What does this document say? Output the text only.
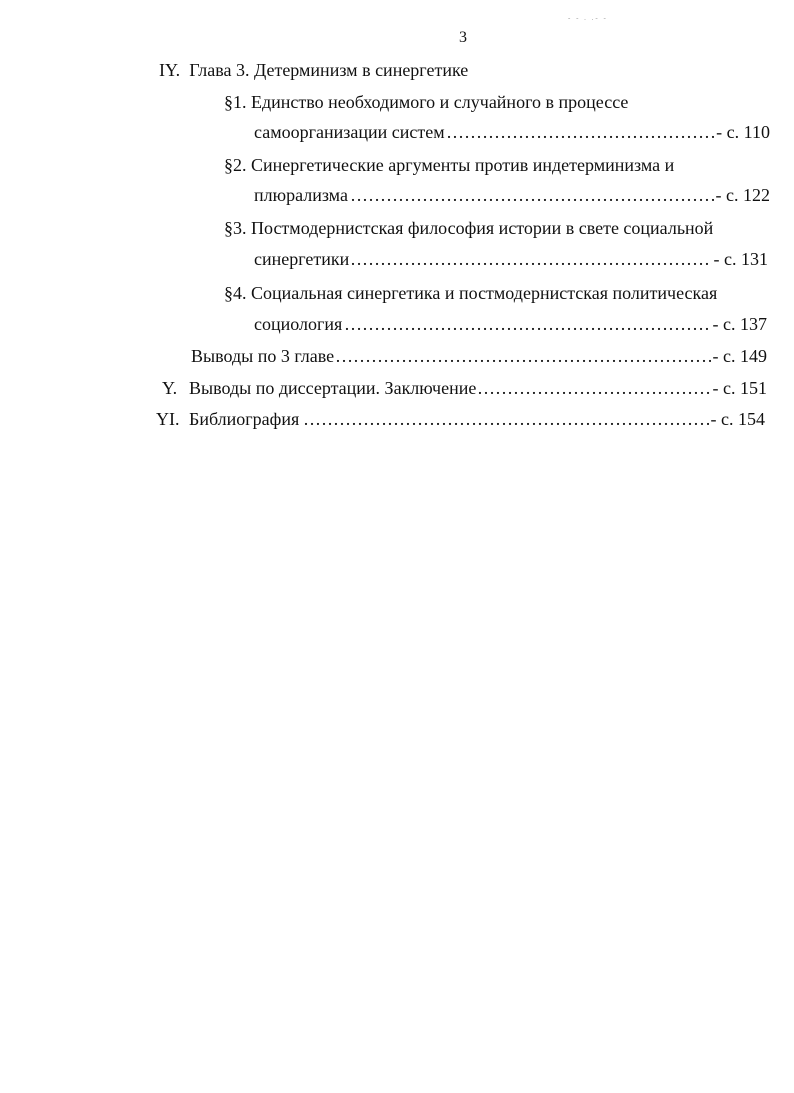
3
- - . .- -
IY. Глава 3. Детерминизм в синергетике
§1. Единство необходимого и случайного в процессе
самоорганизации систем	- с. 110
………………………………………………………………………………………………………………………………………………
§2. Синергетические аргументы против индетерминизма и
плюрализма	- с. 122
………………………………………………………………………………………………………………………………………………
§3. Постмодернистская философия истории в свете социальной
синергетики	- с. 131
………………………………………………………………………………………………………………………………………………
§4. Социальная синергетика и постмодернистская политическая
социология	- с. 137
………………………………………………………………………………………………………………………………………………
Выводы по 3 главе	- с. 149
………………………………………………………………………………………………………………………………………………
Y. Выводы по диссертации. Заключение	- с. 151
………………………………………………………………………………………………………………………………………………
YI. Библиография	- с. 154
………………………………………………………………………………………………………………………………………………
